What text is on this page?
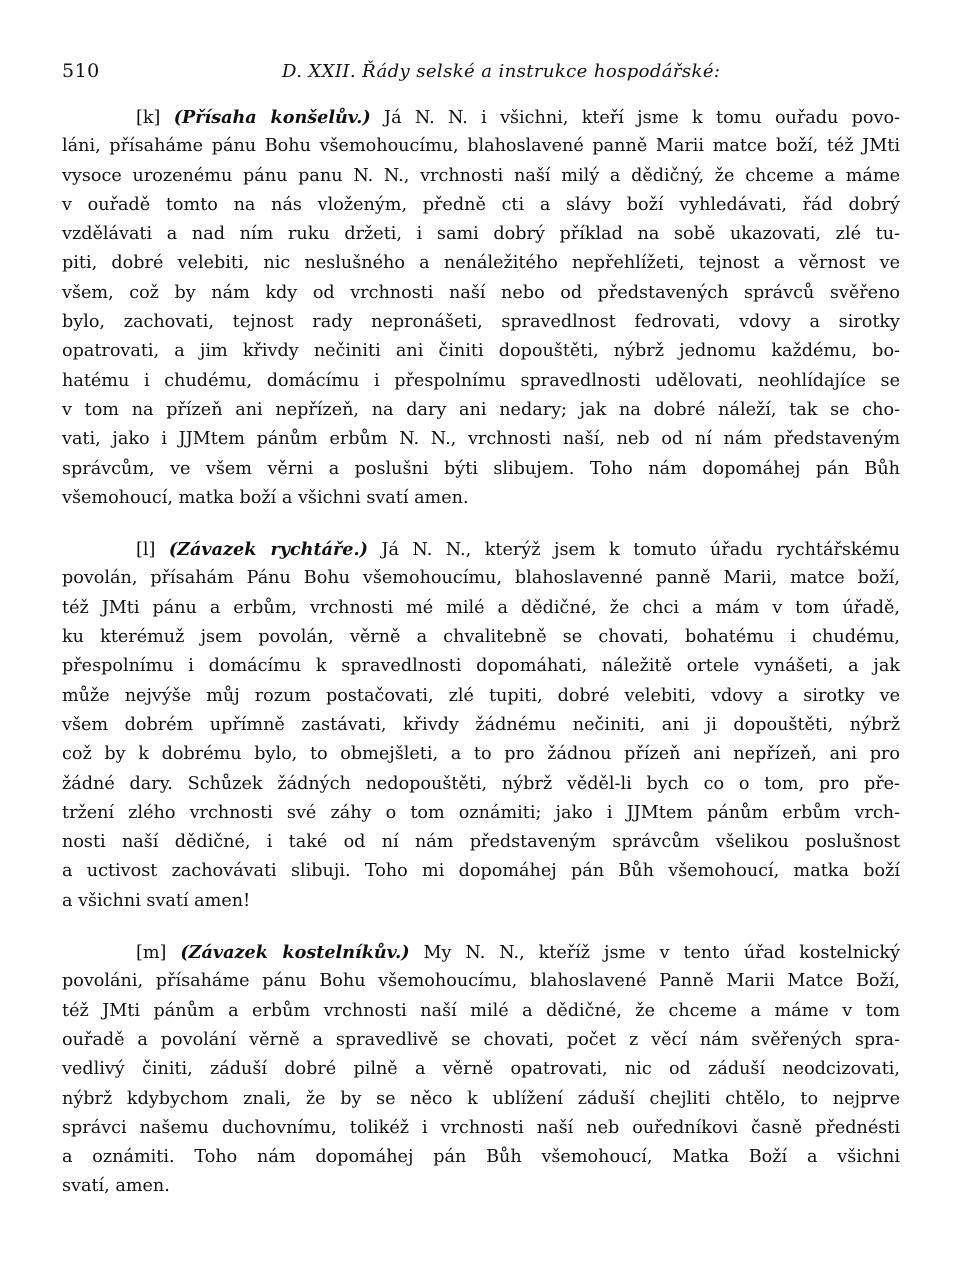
510	D. XXII. Řády selské a instrukce hospodářské:
[k] (Přísaha konšelův.) Já N. N. i všichni, kteří jsme k tomu ouřadu povo-
láni, přísaháme pánu Bohu všemohoucímu, blahoslavené panně Marii matce boží, též JMti
vysoce urozenému pánu panu N. N., vrchnosti naší milý a dědičný, že chceme a máme
v ouřadě tomto na nás vloženým, předně cti a slávy boží vyhledávati, řád dobrý
vzdělávati a nad ním ruku držeti, i sami dobrý příklad na sobě ukazovati, zlé tu-
piti, dobré velebiti, nic neslušného a nenáležitého nepřehlížeti, tejnost a věrnost ve
všem, což by nám kdy od vrchnosti naší nebo od představených správců svěřeno
bylo, zachovati, tejnost rady nepronášeti, spravedlnost fedrovati, vdovy a sirotky
opatrovati, a jim křivdy nečiniti ani činiti dopouštěti, nýbrž jednomu každému, bo-
hatému i chudému, domácímu i přespolnímu spravedlnosti udělovati, neohlídajíce se
v tom na přízeň ani nepřízeň, na dary ani nedary; jak na dobré náleží, tak se cho-
vati, jako i JJMtem pánům erbům N. N., vrchnosti naší, neb od ní nám představeným
správcům, ve všem věrni a poslušni býti slibujem. Toho nám dopomáhej pán Bůh
všemohoucí, matka boží a všichni svatí amen.
[l] (Závazek rychtáře.) Já N. N., kterýž jsem k tomuto úřadu rychtářskému
povolán, přísahám Pánu Bohu všemohoucímu, blahoslavenné panně Marii, matce boží,
též JMti pánu a erbům, vrchnosti mé milé a dědičné, že chci a mám v tom úřadě,
ku kterémuž jsem povolán, věrně a chvalitebně se chovati, bohatému i chudému,
přespolnímu i domácímu k spravedlnosti dopomáhati, náležitě ortele vynášeti, a jak
může nejvýše můj rozum postačovati, zlé tupiti, dobré velebiti, vdovy a sirotky ve
všem dobrém upřímně zastávati, křivdy žádnému nečiniti, ani ji dopouštěti, nýbrž
což by k dobrému bylo, to obmejšleti, a to pro žádnou přízeň ani nepřízeň, ani pro
žádné dary. Schůzek žádných nedopouštěti, nýbrž věděl-li bych co o tom, pro pře-
tržení zlého vrchnosti své záhy o tom oznámiti; jako i JJMtem pánům erbům vrch-
nosti naší dědičné, i také od ní nám představeným správcům všelikou poslušnost
a uctivost zachovávati slibuji. Toho mi dopomáhej pán Bůh všemohoucí, matka boží
a všichni svatí amen!
[m] (Závazek kostelníkův.) My N. N., kteříž jsme v tento úřad kostelnický
povoláni, přísaháme pánu Bohu všemohoucímu, blahoslavené Panně Marii Matce Boží,
též JMti pánům a erbům vrchnosti naší milé a dědičné, že chceme a máme v tom
ouřadě a povolání věrně a spravedlivě se chovati, počet z věcí nám svěřených spra-
vedlivý činiti, záduší dobré pilně a věrně opatrovati, nic od záduší neodcizovati,
nýbrž kdybychom znali, že by se něco k ublížení záduší chejliti chtělo, to nejprve
správci našemu duchovnímu, tolikéž i vrchnosti naší neb ouředníkovi časně přednésti
a oznámiti. Toho nám dopomáhej pán Bůh všemohoucí, Matka Boží a všichni
svatí, amen.
